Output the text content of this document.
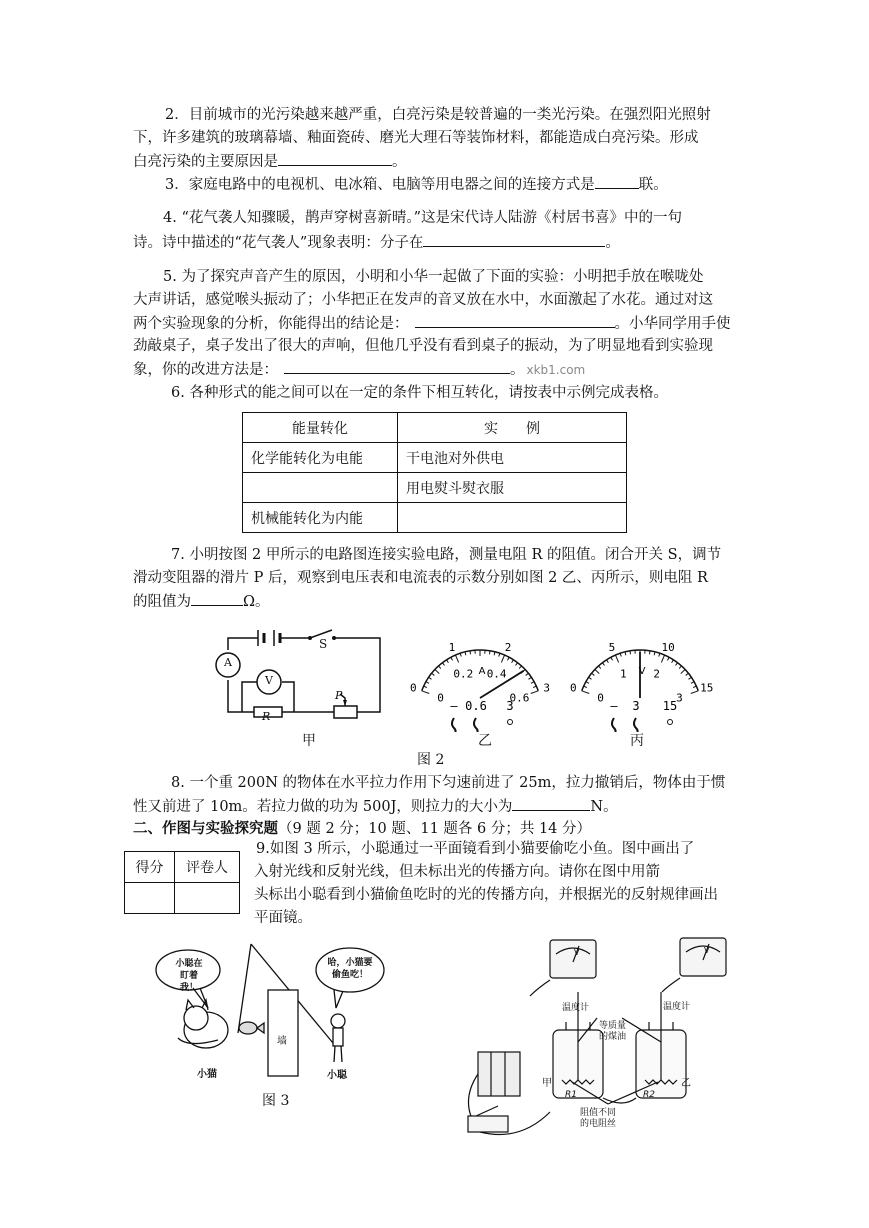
2．目前城市的光污染越来越严重，白亮污染是较普遍的一类光污染。在强烈阳光照射
下，许多建筑的玻璃幕墙、釉面瓷砖、磨光大理石等装饰材料，都能造成白亮污染。形成
白亮污染的主要原因是	。
3．家庭电路中的电视机、电冰箱、电脑等用电器之间的连接方式是	联。
4. “花气袭人知骤暖，鹊声穿树喜新晴。”这是宋代诗人陆游《村居书喜》中的一句
诗。诗中描述的“花气袭人”现象表明：分子在	。
5. 为了探究声音产生的原因，小明和小华一起做了下面的实验：小明把手放在喉咙处
大声讲话，感觉喉头振动了；小华把正在发声的音叉放在水中，水面激起了水花。通过对这
两个实验现象的分析，你能得出的结论是：	。小华同学用手使
劲敲桌子，桌子发出了很大的声响，但他几乎没有看到桌子的振动，为了明显地看到实验现
象，你的改进方法是：	。 xkb1.com
6. 各种形式的能之间可以在一定的条件下相互转化，请按表中示例完成表格。
能量转化	实　　例
化学能转化为电能	干电池对外供电
	用电熨斗熨衣服
机械能转化为内能	
7. 小明按图 2 甲所示的电路图连接实验电路，测量电阻 R 的阻值。闭合开关 S，调节
滑动变阻器的滑片 P 后，观察到电压表和电流表的示数分别如图 2 乙、丙所示，则电阻 R
的阻值为	Ω。
A
V
S
R
P
甲
0
1	2
3
0
0.2 0.4
0.6
A
— 0.6 3
乙
0
5	10
15
0
1 2
3
V
— 3 15
丙
图 2
8. 一个重 200N 的物体在水平拉力作用下匀速前进了 25m，拉力撤销后，物体由于惯
性又前进了 10m。若拉力做的功为 500J，则拉力的大小为	N。
二、作图与实验探究题（9 题 2 分；10 题、11 题各 6 分；共 14 分）
得分	评卷人

9.如图 3 所示，小聪通过一平面镜看到小猫要偷吃小鱼。图中画出了
入射光线和反射光线，但未标出光的传播方向。请你在图中用箭
头标出小聪看到小猫偷鱼吃时的光的传播方向，并根据光的反射规律画出
平面镜。
小聪在
盯着我！
哈，小猫要
偷鱼吃！
墙
小猫	小聪
图 3
温度计	温度计
等质量
的煤油
甲	乙
R1	R2
阻值不同
的电阻丝
V	V
